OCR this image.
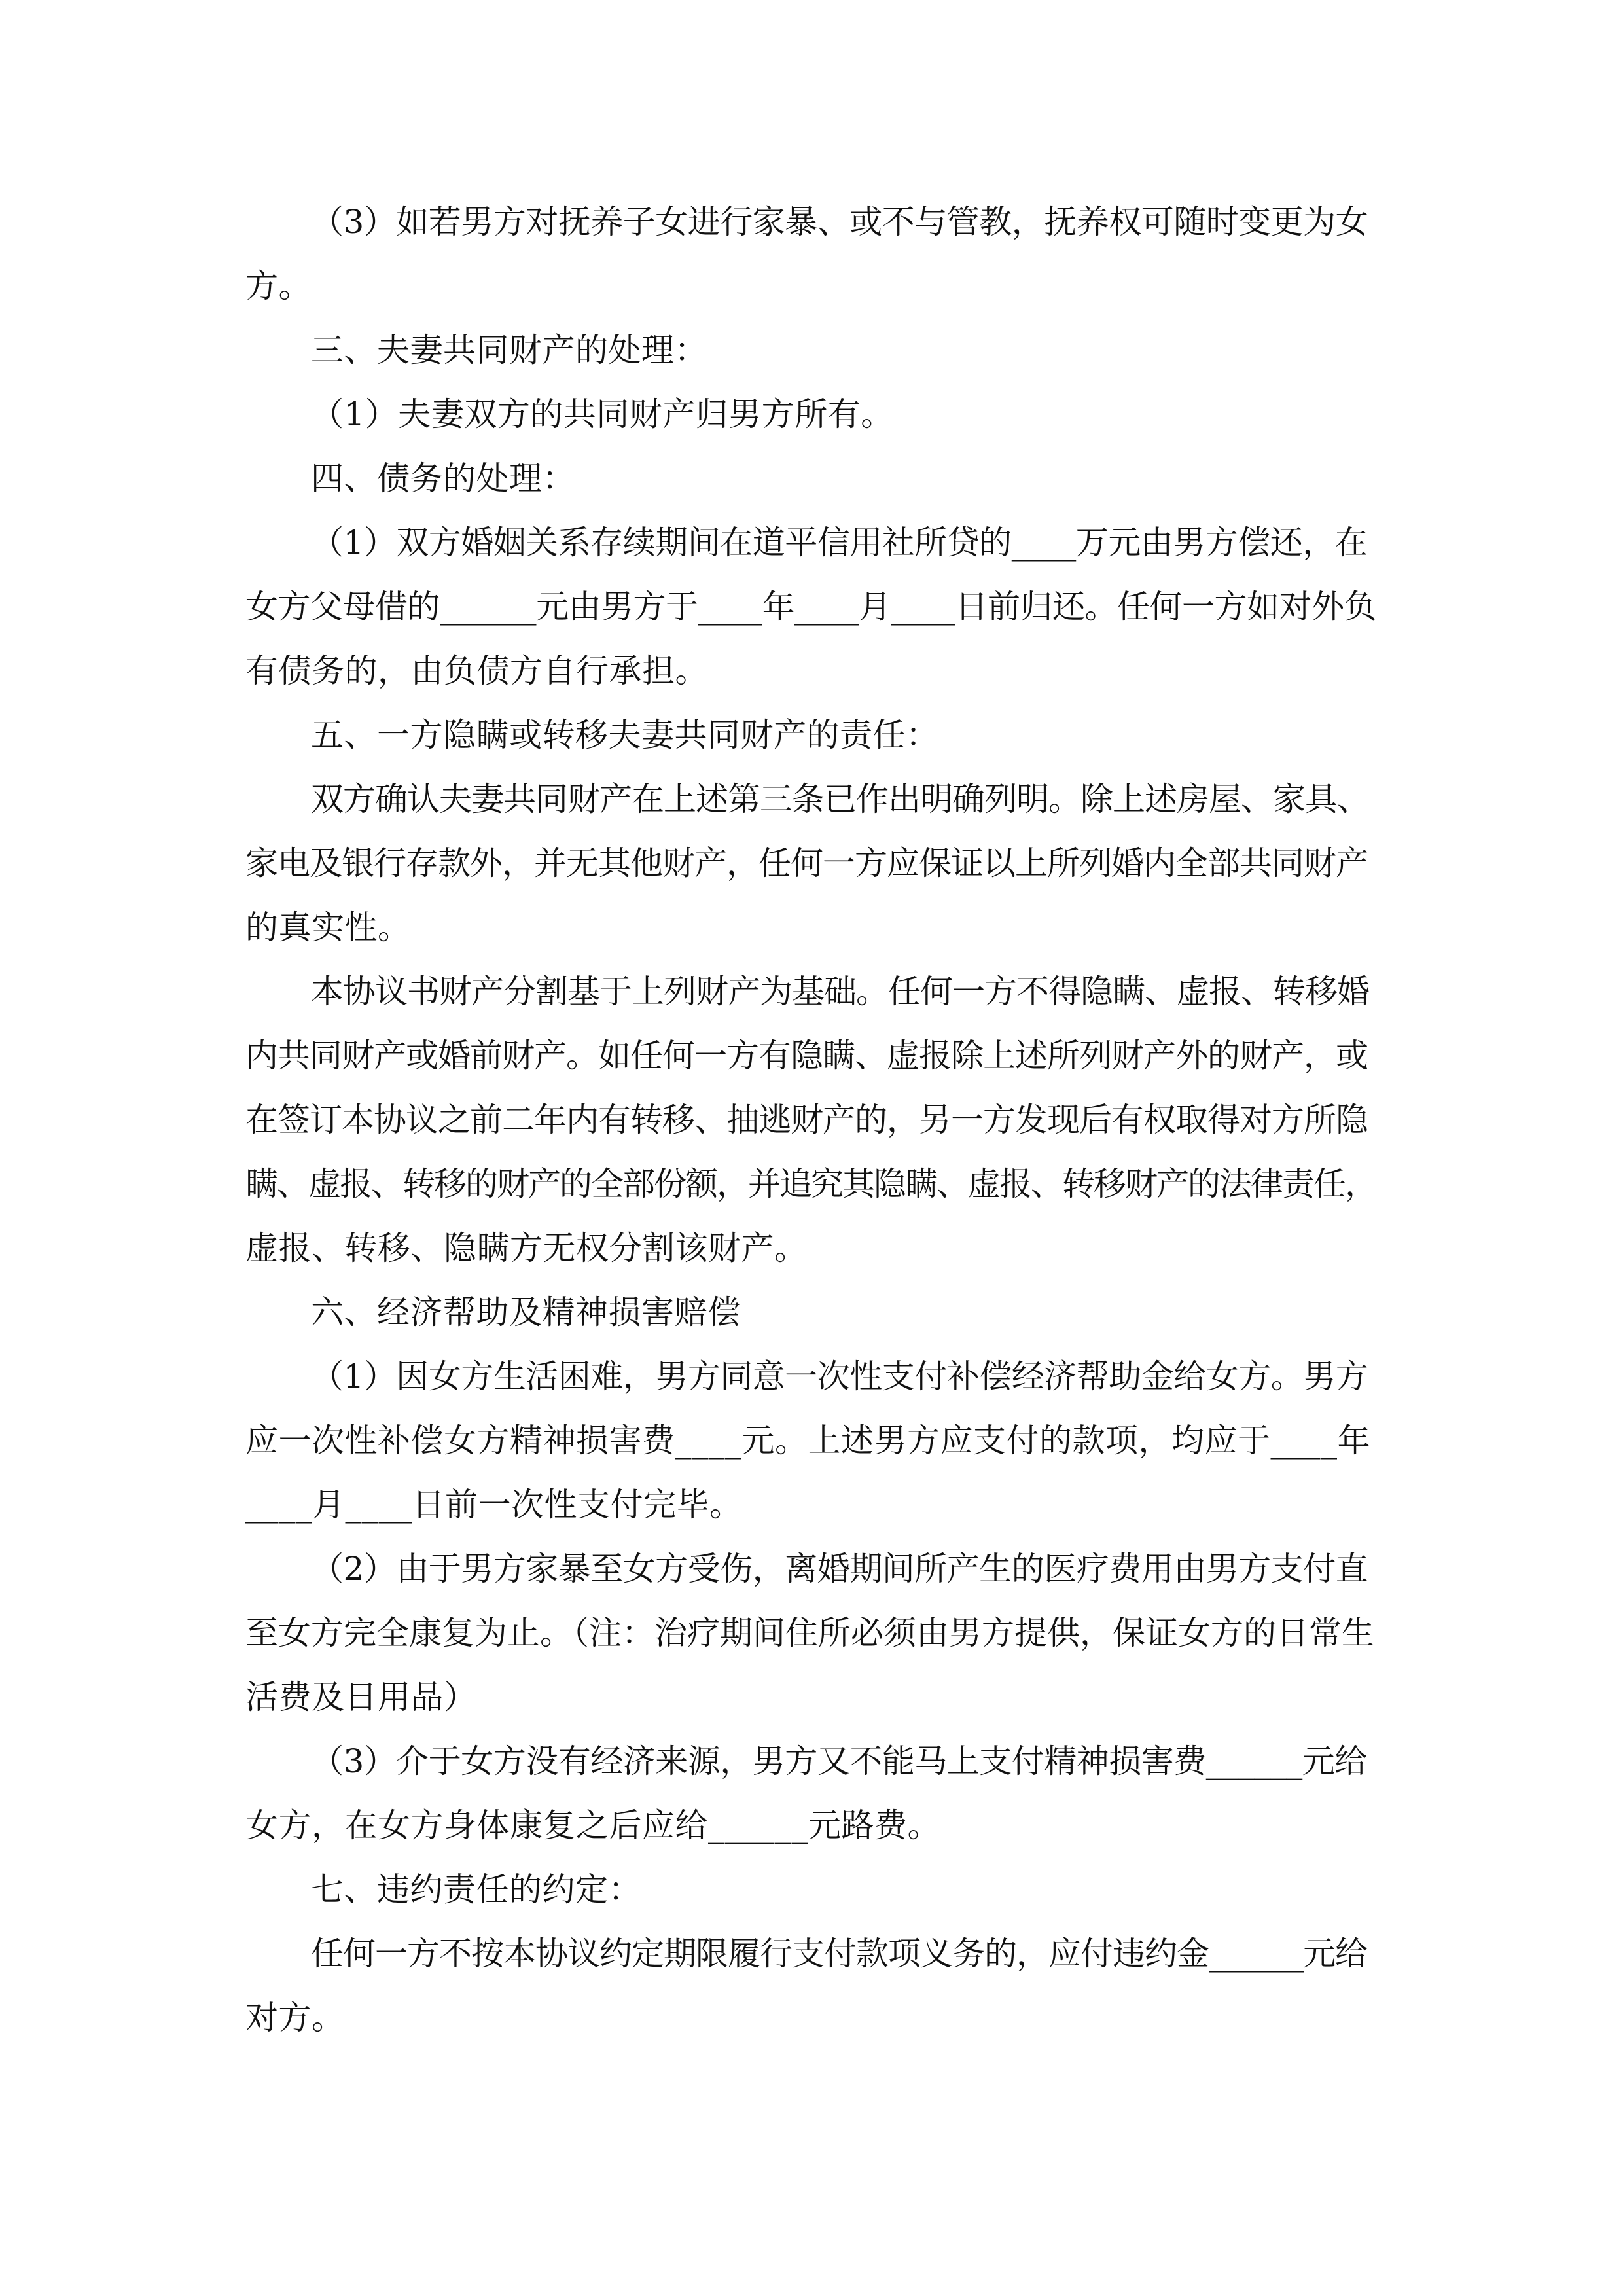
（3）如若男方对抚养子女进行家暴、或不与管教，抚养权可随时变更为女

方。

三、夫妻共同财产的处理：

（1）夫妻双方的共同财产归男方所有。

四、债务的处理：

（1）双方婚姻关系存续期间在道平信用社所贷的____万元由男方偿还，在

女方父母借的______元由男方于____年____月____日前归还。任何一方如对外负

有债务的，由负债方自行承担。

五、一方隐瞒或转移夫妻共同财产的责任：

双方确认夫妻共同财产在上述第三条已作出明确列明。除上述房屋、家具、

家电及银行存款外，并无其他财产，任何一方应保证以上所列婚内全部共同财产

的真实性。

本协议书财产分割基于上列财产为基础。任何一方不得隐瞒、虚报、转移婚

内共同财产或婚前财产。如任何一方有隐瞒、虚报除上述所列财产外的财产，或

在签订本协议之前二年内有转移、抽逃财产的，另一方发现后有权取得对方所隐

瞒、虚报、转移的财产的全部份额，并追究其隐瞒、虚报、转移财产的法律责任，

虚报、转移、隐瞒方无权分割该财产。

六、经济帮助及精神损害赔偿

（1）因女方生活困难，男方同意一次性支付补偿经济帮助金给女方。男方

应一次性补偿女方精神损害费____元。上述男方应支付的款项，均应于____年

____月____日前一次性支付完毕。

（2）由于男方家暴至女方受伤，离婚期间所产生的医疗费用由男方支付直

至女方完全康复为止。（注：治疗期间住所必须由男方提供，保证女方的日常生

活费及日用品）

（3）介于女方没有经济来源，男方又不能马上支付精神损害费______元给

女方，在女方身体康复之后应给______元路费。

七、违约责任的约定：

任何一方不按本协议约定期限履行支付款项义务的，应付违约金______元给

对方。
